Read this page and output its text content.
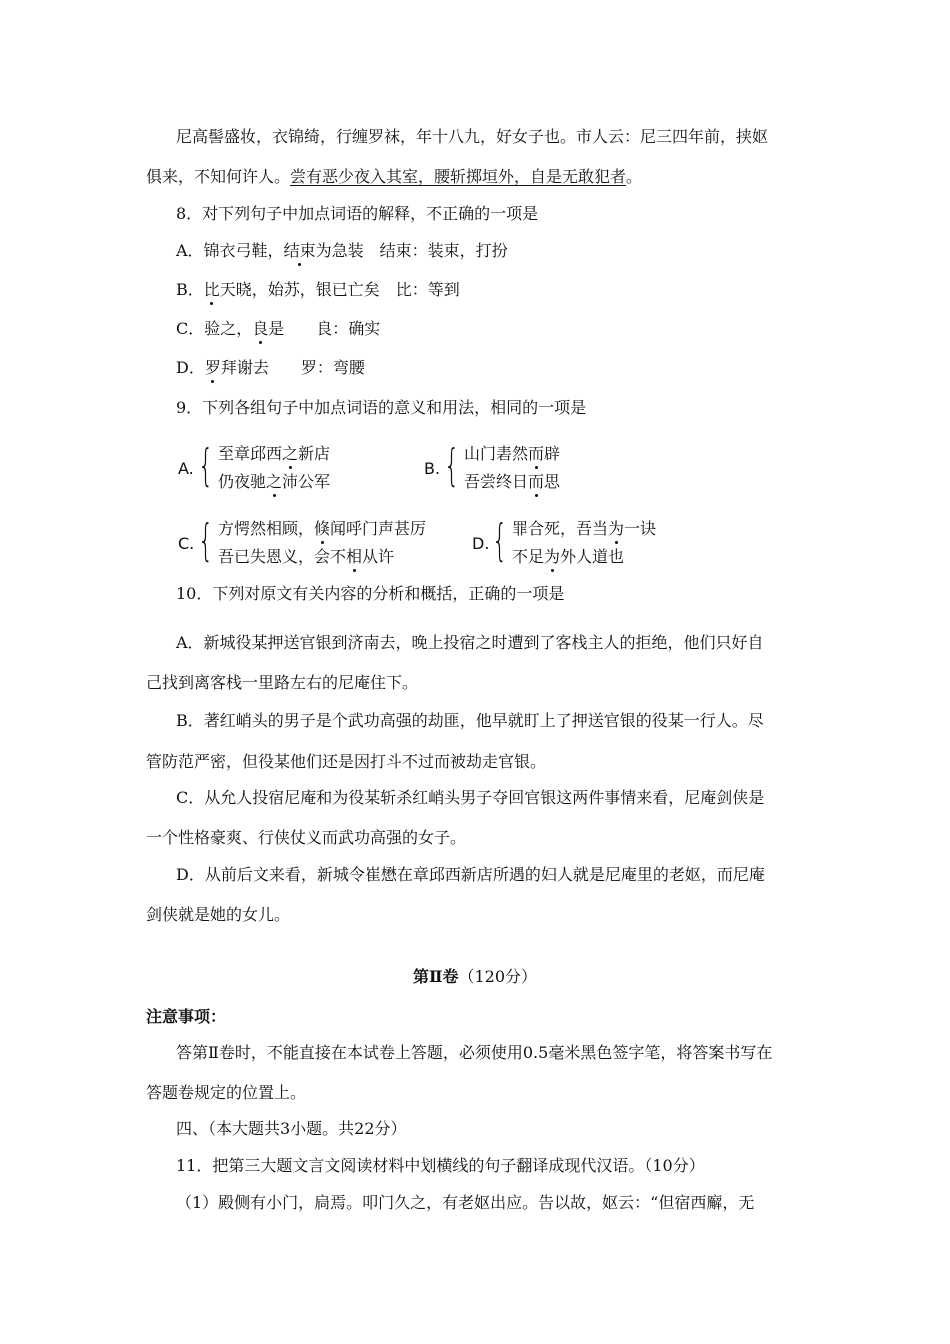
尼高髻盛妆，衣锦绮，行缠罗袜，年十八九，好女子也。市人云：尼三四年前，挟妪
俱来，不知何许人。尝有恶少夜入其室，腰斩掷垣外，自是无敢犯者。
8．对下列句子中加点词语的解释，不正确的一项是
A．锦衣弓鞋，结束为急装　结束：装束，打扮
B．比天晓，始苏，银已亡矣　比：等到
C．验之，良是　　良：确实
D．罗拜谢去　　罗：弯腰
9．下列各组句子中加点词语的意义和用法，相同的一项是
A. { 至章邱西之新店
仍夜驰之沛公军
B. { 山门砉然而辟
吾尝终日而思
C. { 方愕然相顾，倏闻呼门声甚厉
吾已失恩义，会不相从许
D. { 罪合死，吾当为一诀
不足为外人道也
10．下列对原文有关内容的分析和概括，正确的一项是
A．新城役某押送官银到济南去，晚上投宿之时遭到了客栈主人的拒绝，他们只好自
己找到离客栈一里路左右的尼庵住下。
B．著红峭头的男子是个武功高强的劫匪，他早就盯上了押送官银的役某一行人。尽
管防范严密，但役某他们还是因打斗不过而被劫走官银。
C．从允人投宿尼庵和为役某斩杀红峭头男子夺回官银这两件事情来看，尼庵剑侠是
一个性格豪爽、行侠仗义而武功高强的女子。
D．从前后文来看，新城令崔懋在章邱西新店所遇的妇人就是尼庵里的老妪，而尼庵
剑侠就是她的女儿。
第Ⅱ卷（120分）
注意事项：
答第Ⅱ卷时，不能直接在本试卷上答题，必须使用0.5毫米黑色签字笔，将答案书写在
答题卷规定的位置上。
四、（本大题共3小题。共22分）
11．把第三大题文言文阅读材料中划横线的句子翻译成现代汉语。（10分）
（1）殿侧有小门，扃焉。叩门久之，有老妪出应。告以故，妪云：“但宿西廨，无
